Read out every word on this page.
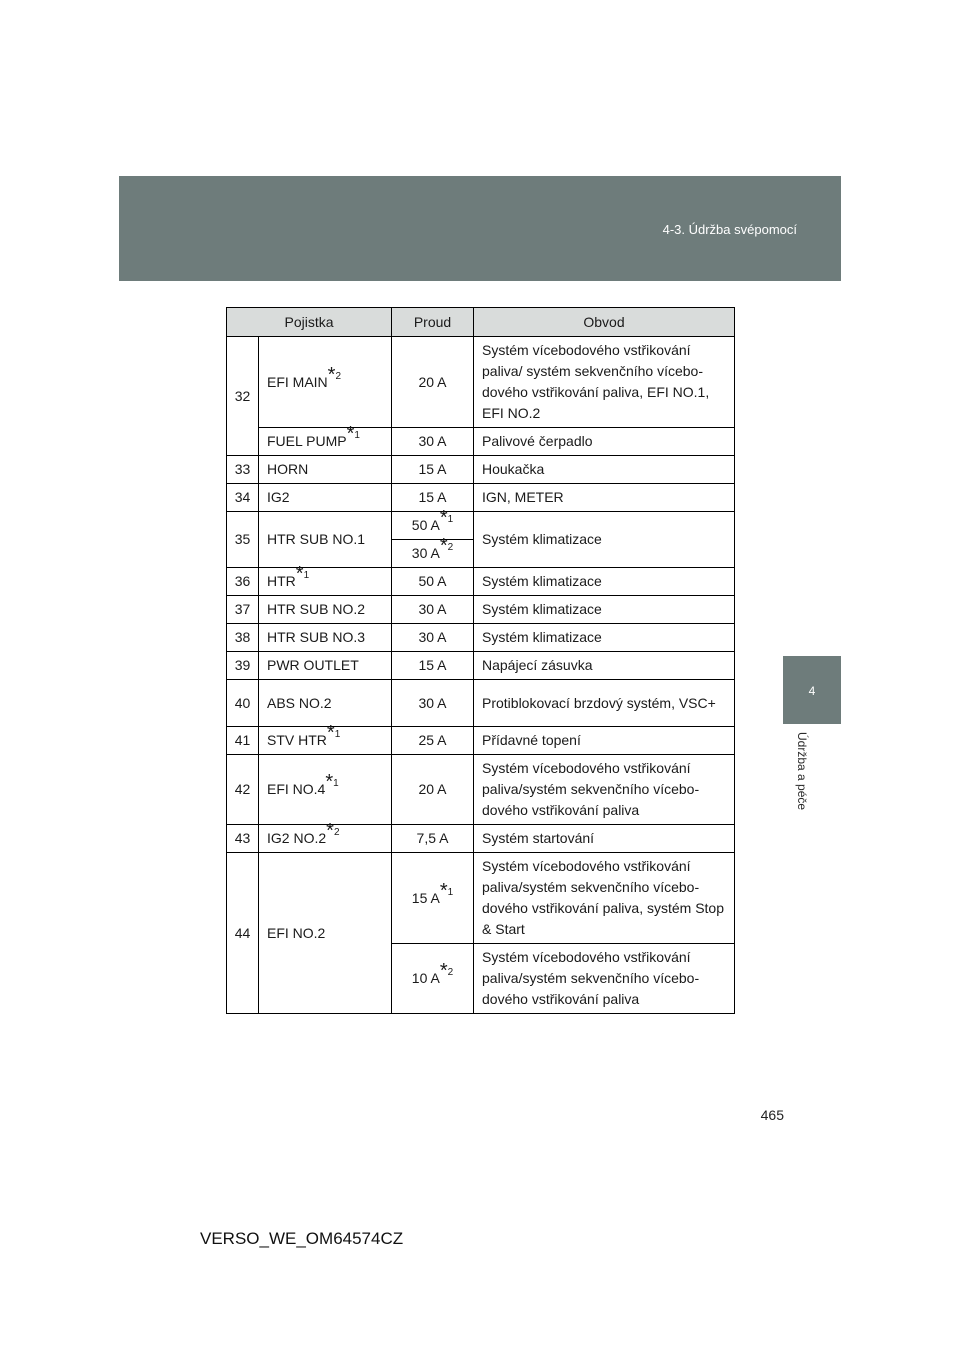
4-3. Údržba svépomocí
4
Údržba a péče
Pojistka		Proud	Obvod
32	EFI MAIN*$^2$	20 A	Systém vícebodového vstřikování paliva/ systém sekvenčního vícebo-dového vstřikování paliva, EFI NO.1, EFI NO.2
	FUEL PUMP*$^1$	30 A	Palivové čerpadlo
33	HORN	15 A	Houkačka
34	IG2	15 A	IGN, METER
35	HTR SUB NO.1	50 A*$^1$	Systém klimatizace
		30 A*$^2$
36	HTR*$^1$	50 A	Systém klimatizace
37	HTR SUB NO.2	30 A	Systém klimatizace
38	HTR SUB NO.3	30 A	Systém klimatizace
39	PWR OUTLET	15 A	Napájecí zásuvka
40	ABS NO.2	30 A	Protiblokovací brzdový systém, VSC+
41	STV HTR*$^1$	25 A	Přídavné topení
42	EFI NO.4*$^1$	20 A	Systém vícebodového vstřikování paliva/systém sekvenčního vícebo-dového vstřikování paliva
43	IG2 NO.2*$^2$	7,5 A	Systém startování
44	EFI NO.2	15 A*$^1$	Systém vícebodového vstřikování paliva/systém sekvenčního vícebo-dového vstřikování paliva, systém Stop & Start
		10 A*$^2$	Systém vícebodového vstřikování paliva/systém sekvenčního vícebo-dového vstřikování paliva
465
VERSO_WE_OM64574CZ
